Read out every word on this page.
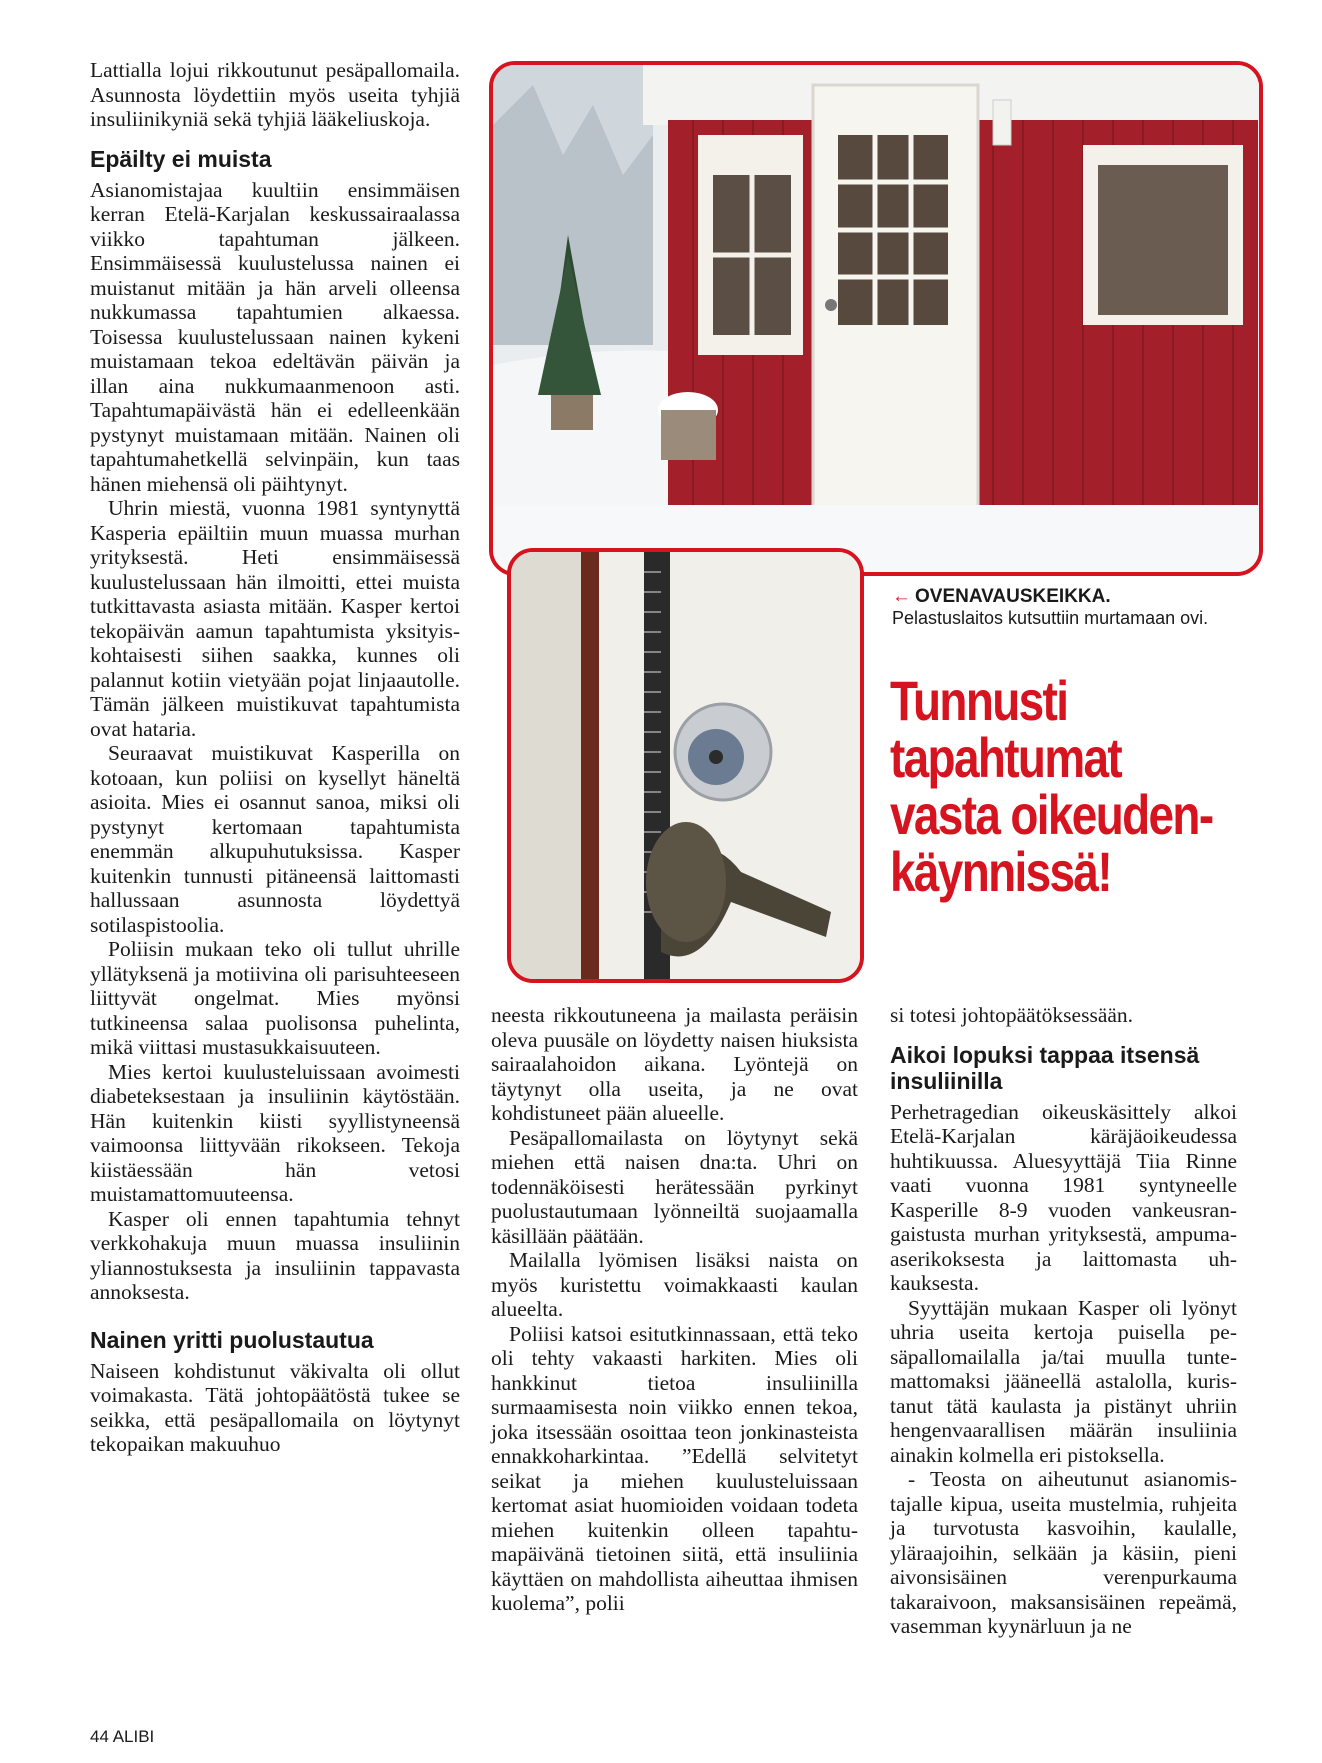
Lattialla lojui rikkoutunut pesäpallomaila. Asunnosta löydettiin myös useita tyhjiä insuliinikyniä sekä tyhjiä lääkeliuskoja.

Epäilty ei muista

Asianomistajaa kuultiin ensimmäisen kerran Etelä-Karjalan keskussairaalassa viikko tapahtuman jälkeen. Ensimmäisessä kuulustelussa nainen ei muistanut mitään ja hän arveli olleensa nukkumassa tapahtumien alkaessa. Toisessa kuulustelussaan nainen kykeni muistamaan tekoa edeltävän päivän ja illan aina nukkumaanmenoon asti. Tapahtumapäivästä hän ei edelleenkään pystynyt muistamaan mitään. Nainen oli tapahtumahetkellä selvinpäin, kun taas hänen miehensä oli päihtynyt.

Uhrin miestä, vuonna 1981 syntynyttä Kasperia epäiltiin muun muassa murhan yrityksestä. Heti ensimmäisessä kuulustelussaan hän ilmoitti, ettei muista tutkittavasta asiasta mitään. Kasper kertoi tekopäivän aamun tapahtumista yksityiskohtaisesti siihen saakka, kunnes oli palannut kotiin vietyään pojat linjaautolle. Tämän jälkeen muistikuvat tapahtumista ovat hataria.

Seuraavat muistikuvat Kasperilla on kotoaan, kun poliisi on kysellyt häneltä asioita. Mies ei osannut sanoa, miksi oli pystynyt kertomaan tapahtumista enemmän alkupuhutuksissa. Kasper kuitenkin tunnusti pitäneensä laittomasti hallussaan asunnosta löydettyä sotilaspistoolia.

Poliisin mukaan teko oli tullut uhrille yllätyksenä ja motiivina oli parisuhteeseen liittyvät ongelmat. Mies myönsi tutkineensa salaa puolisonsa puhelinta, mikä viittasi mustasukkaisuuteen.

Mies kertoi kuulusteluissaan avoimesti diabeteksestaan ja insuliinin käytöstään. Hän kuitenkin kiisti syyllistyneensä vaimoonsa liittyvään rikokseen. Tekoja kiistäessään hän vetosi muistamattomuuteensa.

Kasper oli ennen tapahtumia tehnyt verkkohakuja muun muassa insuliinin yliannostuksesta ja insuliinin tappavasta annoksesta.

Nainen yritti puolustautua

Naiseen kohdistunut väkivalta oli ollut voimakasta. Tätä johtopäätöstä tukee se seikka, että pesäpallomaila on löytynyt tekopaikan makuuhuo

← OVENAVAUSKEIKKA.
Pelastuslaitos kutsuttiin murtamaan ovi.
Tunnusti
tapahtumat
vasta oikeuden-
käynnissä!

neesta rikkoutuneena ja mailasta peräisin oleva puusäle on löydetty naisen hiuksista sairaalahoidon aikana. Lyöntejä on täytynyt olla useita, ja ne ovat kohdistuneet pään alueelle.

Pesäpallomailasta on löytynyt sekä miehen että naisen dna:ta. Uhri on todennäköisesti herätessään pyrkinyt puolustautumaan lyönneiltä suojaamalla käsillään päätään.

Mailalla lyömisen lisäksi naista on myös kuristettu voimakkaasti kaulan alueelta.

Poliisi katsoi esitutkinnassaan, että teko oli tehty vakaasti harkiten. Mies oli hankkinut tietoa insuliinilla surmaamisesta noin viikko ennen tekoa, joka itsessään osoittaa teon jonkinasteista ennakkoharkintaa. ”Edellä selvitetyt seikat ja miehen kuulusteluissaan kertomat asiat huomioiden voidaan todeta miehen kuitenkin olleen tapahtumapäivänä tietoinen siitä, että insuliinia käyttäen on mahdollista aiheuttaa ihmisen kuolema”, polii

si totesi johtopäätöksessään.

Aikoi lopuksi tappaa itsensä insuliinilla

Perhetragedian oikeuskäsittely alkoi Etelä-Karjalan käräjäoikeudessa huhtikuussa. Aluesyyttäjä Tiia Rinne vaati vuonna 1981 syntyneelle Kasperille 8-9 vuoden vankeusrangaistusta murhan yrityksestä, ampuma-aserikoksesta ja laittomasta uhkauksesta.

Syyttäjän mukaan Kasper oli lyönyt uhria useita kertoja puisella pesäpallomailalla ja/tai muulla tuntemattomaksi jääneellä astalolla, kuristanut tätä kaulasta ja pistänyt uhriin hengenvaarallisen määrän insuliinia ainakin kolmella eri pistoksella.

- Teosta on aiheutunut asianomistajalle kipua, useita mustelmia, ruhjeita ja turvotusta kasvoihin, kaulalle, yläraajoihin, selkään ja käsiin, pieni aivonsisäinen verenpurkauma takaraivoon, maksansisäinen repeämä, vasemman kyynärluun ja ne

44 ALIBI
